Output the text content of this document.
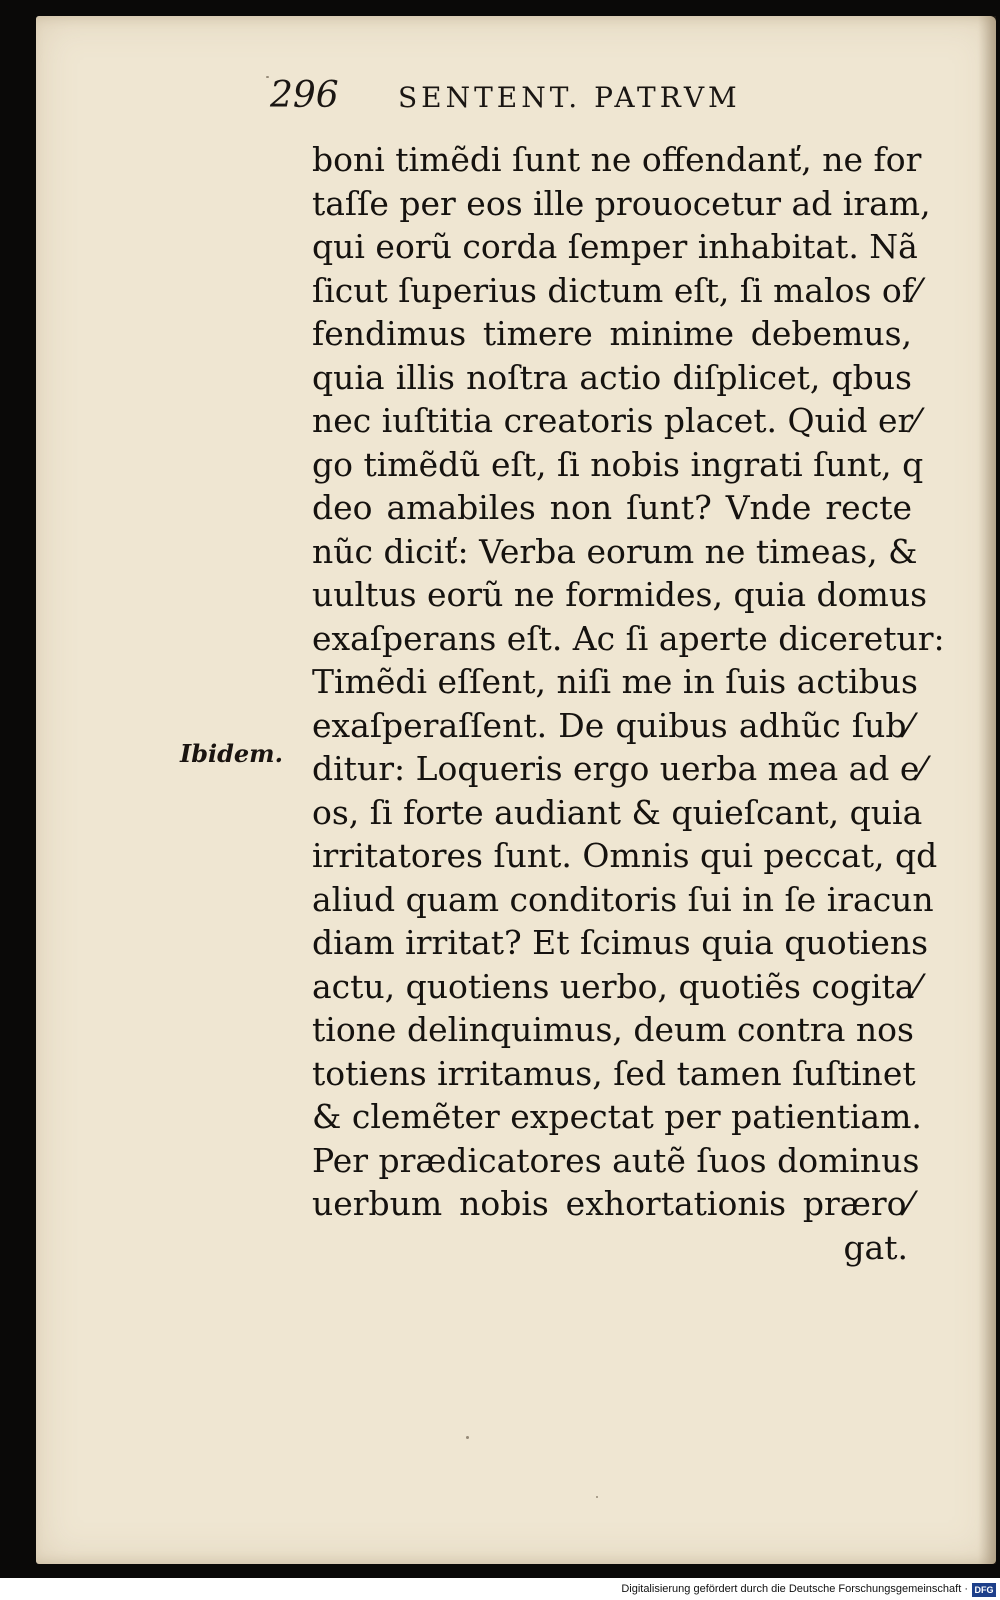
296 SENTENT. PATRVM
Ibidem.
boni timẽdi ſunt ne offendanť, ne for
taſſe per eos ille prouocetur ad iram,
qui eorũ corda ſemper inhabitat. Nã
ſicut ſuperius dictum eſt, ſi malos of⁄
fendimus timere minime debemus,
quia illis noſtra actio diſplicet, qbus
nec iuſtitia creatoris placet. Quid er⁄
go timẽdũ eſt, ſi nobis ingrati ſunt, q
deo amabiles non ſunt? Vnde recte
nũc diciť: Verba eorum ne timeas, &
uultus eorũ ne formides, quia domus
exaſperans eſt. Ac ſi aperte diceretur:
Timẽdi eſſent, niſi me in ſuis actibus
exaſperaſſent. De quibus adhũc ſub⁄
ditur: Loqueris ergo uerba mea ad e⁄
os, ſi forte audiant & quieſcant, quia
irritatores ſunt. Omnis qui peccat, qd
aliud quam conditoris ſui in ſe iracun
diam irritat? Et ſcimus quia quotiens
actu, quotiens uerbo, quotiẽs cogita⁄
tione delinquimus, deum contra nos
totiens irritamus, ſed tamen ſuſtinet
& clemẽter expectat per patientiam.
Per prædicatores autẽ ſuos dominus
uerbum nobis exhortationis præro⁄
gat.
Digitalisierung gefördert durch die Deutsche Forschungsgemeinschaft · DFG
